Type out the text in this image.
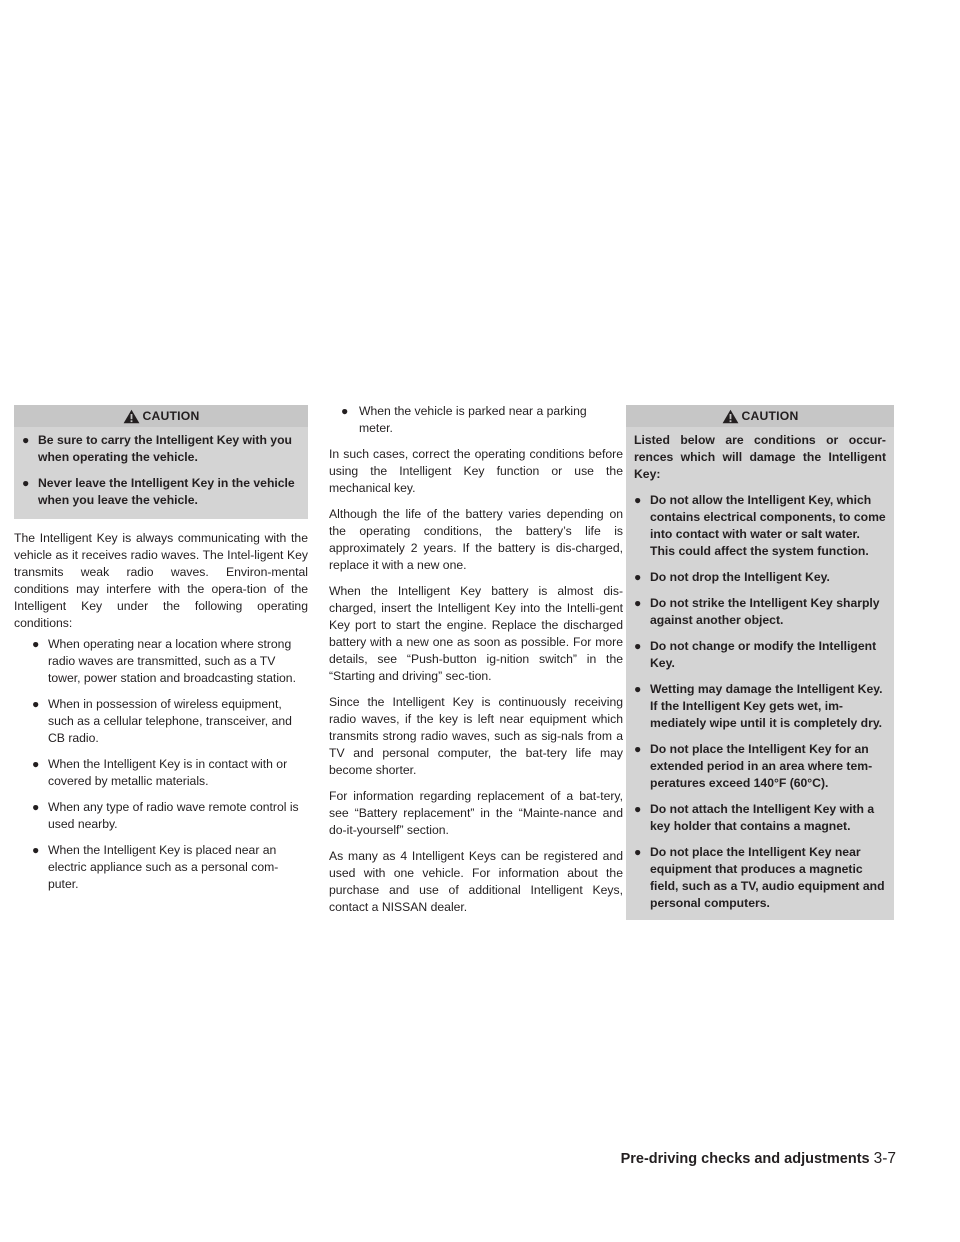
CAUTION
● Be sure to carry the Intelligent Key with you when operating the vehicle.
● Never leave the Intelligent Key in the vehicle when you leave the vehicle.

The Intelligent Key is always communicating with the vehicle as it receives radio waves. The Intel-ligent Key transmits weak radio waves. Environ-mental conditions may interfere with the opera-tion of the Intelligent Key under the following operating conditions:

● When operating near a location where strong radio waves are transmitted, such as a TV tower, power station and broadcasting station.
● When in possession of wireless equipment, such as a cellular telephone, transceiver, and CB radio.
● When the Intelligent Key is in contact with or covered by metallic materials.
● When any type of radio wave remote control is used nearby.
● When the Intelligent Key is placed near an electric appliance such as a personal com-puter.
● When the vehicle is parked near a parking meter.

In such cases, correct the operating conditions before using the Intelligent Key function or use the mechanical key.

Although the life of the battery varies depending on the operating conditions, the battery’s life is approximately 2 years. If the battery is dis-charged, replace it with a new one.

When the Intelligent Key battery is almost dis-charged, insert the Intelligent Key into the Intelli-gent Key port to start the engine. Replace the discharged battery with a new one as soon as possible. For more details, see “Push-button ig-nition switch” in the “Starting and driving” sec-tion.

Since the Intelligent Key is continuously receiving radio waves, if the key is left near equipment which transmits strong radio waves, such as sig-nals from a TV and personal computer, the bat-tery life may become shorter.

For information regarding replacement of a bat-tery, see “Battery replacement” in the “Mainte-nance and do-it-yourself” section.

As many as 4 Intelligent Keys can be registered and used with one vehicle. For information about the purchase and use of additional Intelligent Keys, contact a NISSAN dealer.

CAUTION

Listed below are conditions or occur-rences which will damage the Intelligent Key:

● Do not allow the Intelligent Key, which contains electrical components, to come into contact with water or salt water. This could affect the system function.
● Do not drop the Intelligent Key.
● Do not strike the Intelligent Key sharply against another object.
● Do not change or modify the Intelligent Key.
● Wetting may damage the Intelligent Key. If the Intelligent Key gets wet, im-mediately wipe until it is completely dry.
● Do not place the Intelligent Key for an extended period in an area where tem-peratures exceed 140°F (60°C).
● Do not attach the Intelligent Key with a key holder that contains a magnet.
● Do not place the Intelligent Key near equipment that produces a magnetic field, such as a TV, audio equipment and personal computers.
Pre-driving checks and adjustments 3-7
